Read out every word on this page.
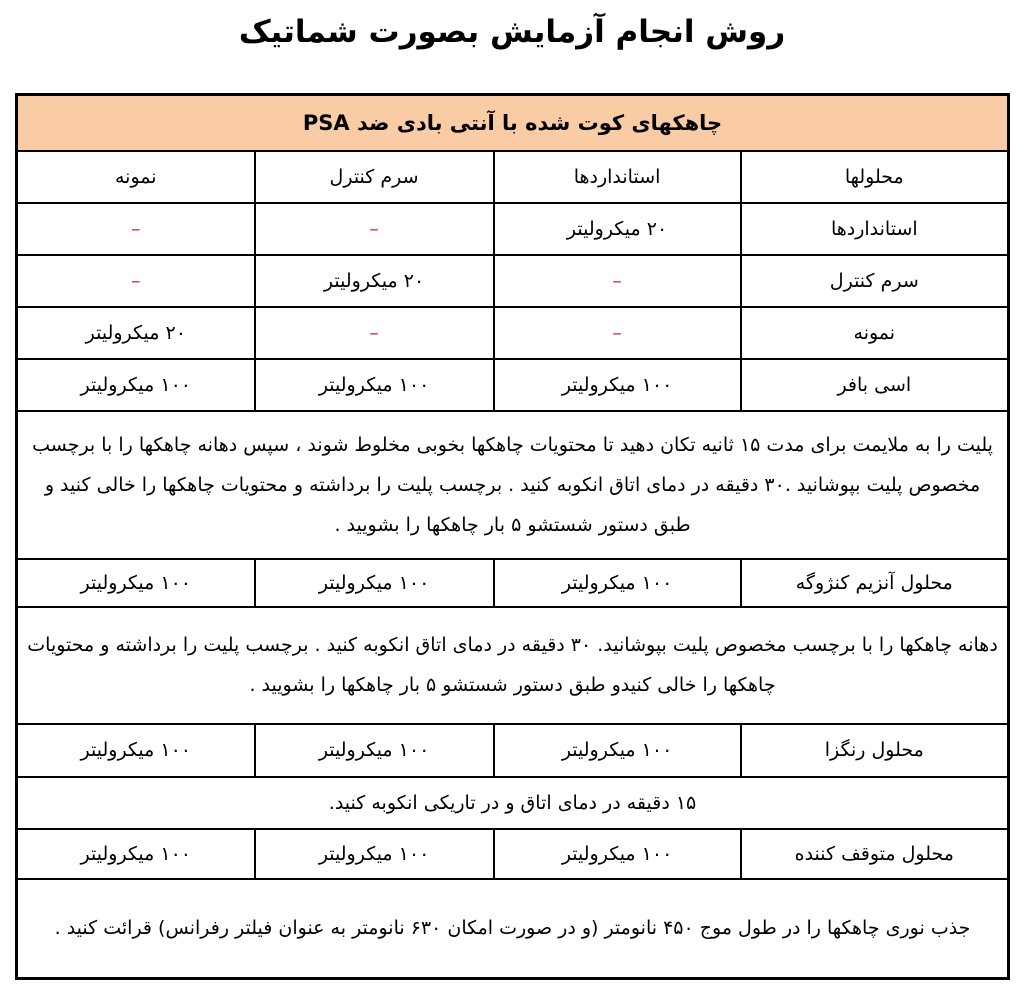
روش انجام آزمایش بصورت شماتیک
چاهکهای کوت شده با آنتی بادی ضد PSA			
محلولها	استانداردها	سرم کنترل	نمونه
استانداردها	۲۰ میکرولیتر	–	–
سرم کنترل	–	۲۰ میکرولیتر	–
نمونه	–	–	۲۰ میکرولیتر
اسی بافر	۱۰۰ میکرولیتر	۱۰۰ میکرولیتر	۱۰۰ میکرولیتر
پلیت را به ملایمت برای مدت ۱۵ ثانیه تکان دهید تا محتویات چاهکها بخوبی مخلوط شوند ، سپس دهانه چاهکها را با برچسب مخصوص پلیت بپوشانید .۳۰ دقیقه در دمای اتاق انکوبه کنید . برچسب پلیت را برداشته و محتویات چاهکها را خالی کنید و طبق دستور شستشو ۵ بار چاهکها را بشویید .			
محلول آنزیم کنژوگه	۱۰۰ میکرولیتر	۱۰۰ میکرولیتر	۱۰۰ میکرولیتر
دهانه چاهکها را با برچسب مخصوص پلیت بپوشانید. ۳۰ دقیقه در دمای اتاق انکوبه کنید . برچسب پلیت را برداشته و محتویات چاهکها را خالی کنیدو طبق دستور شستشو ۵ بار چاهکها را بشویید .			
محلول رنگزا	۱۰۰ میکرولیتر	۱۰۰ میکرولیتر	۱۰۰ میکرولیتر
۱۵ دقیقه در دمای اتاق و در تاریکی انکوبه کنید.			
محلول متوقف کننده	۱۰۰ میکرولیتر	۱۰۰ میکرولیتر	۱۰۰ میکرولیتر
جذب نوری چاهکها را در طول موج ۴۵۰ نانومتر (و در صورت امکان ۶۳۰ نانومتر به عنوان فیلتر رفرانس) قرائت کنید .			
